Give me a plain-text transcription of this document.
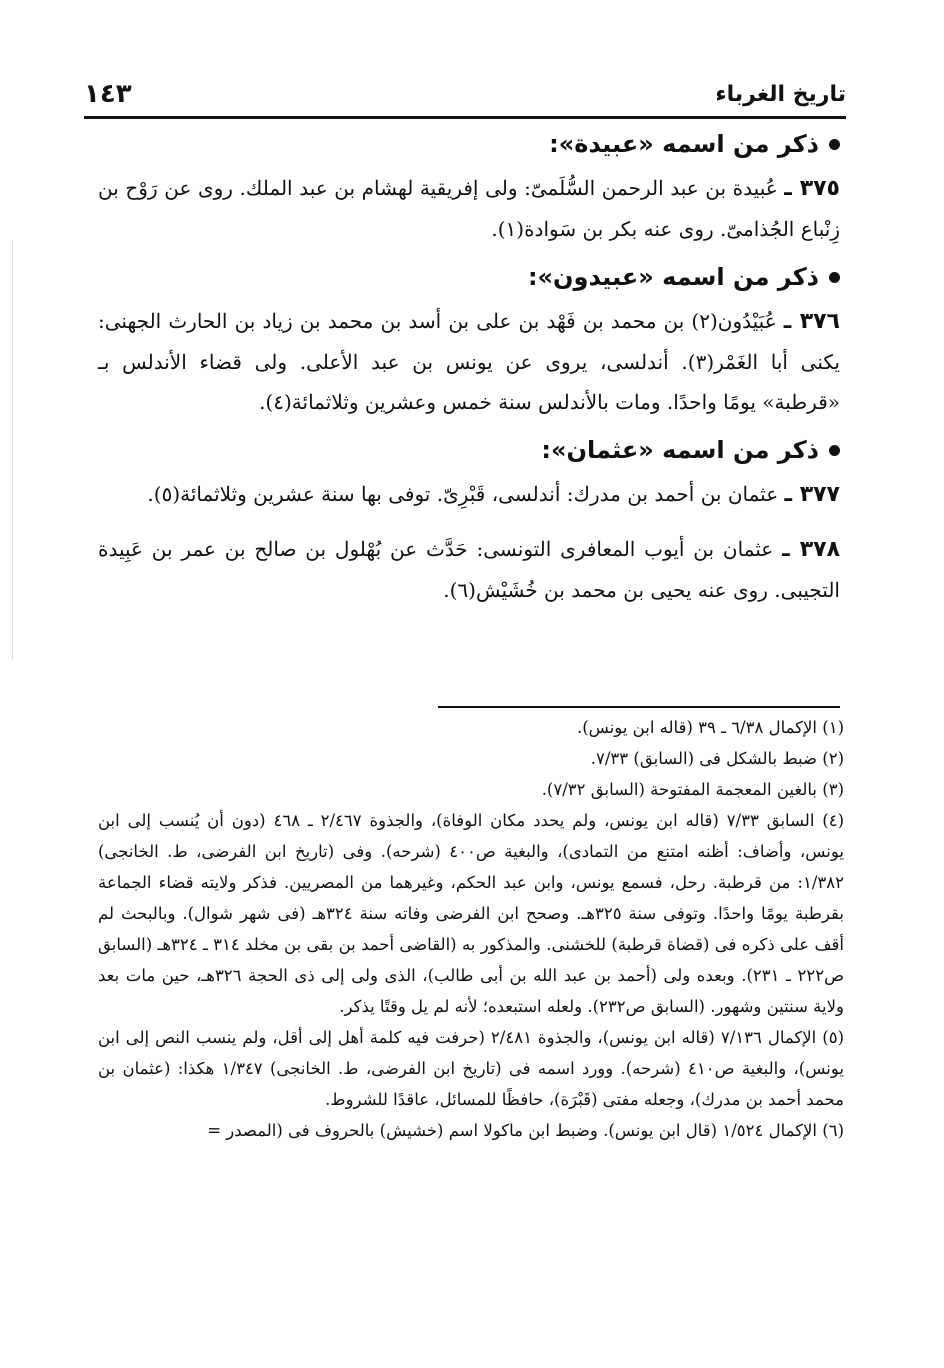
تاريخ الغرباء
١٤٣
ذكر من اسمه «عبيدة»:

٣٧٥ ـ عُبيدة بن عبد الرحمن السُّلَمىّ: ولى إفريقية لهشام بن عبد الملك. روى عن رَوْح بن زِنْباع الجُذامىّ. روى عنه بكر بن سَوادة(١).

ذكر من اسمه «عبيدون»:

٣٧٦ ـ عُبَيْدُون(٢) بن محمد بن فَهْد بن على بن أسد بن محمد بن زياد بن الحارث الجهنى: يكنى أبا الغَمْر(٣). أندلسى، يروى عن يونس بن عبد الأعلى. ولى قضاء الأندلس بـ «قرطبة» يومًا واحدًا. ومات بالأندلس سنة خمس وعشرين وثلاثمائة(٤).

ذكر من اسمه «عثمان»:

٣٧٧ ـ عثمان بن أحمد بن مدرك: أندلسى، قَبْرِىّ. توفى بها سنة عشرين وثلاثمائة(٥).

٣٧٨ ـ عثمان بن أيوب المعافرى التونسى: حَدَّث عن بُهْلول بن صالح بن عمر بن عَبِيدة التجيبى. روى عنه يحيى بن محمد بن خُشَيْش(٦).

(١) الإكمال ٦/٣٨ ـ ٣٩ (قاله ابن يونس).

(٢) ضبط بالشكل فى (السابق) ٧/٣٣.

(٣) بالغين المعجمة المفتوحة (السابق ٧/٣٢).

(٤) السابق ٧/٣٣ (قاله ابن يونس، ولم يحدد مكان الوفاة)، والجذوة ٢/٤٦٧ ـ ٤٦٨ (دون أن يُنسب إلى ابن يونس، وأضاف: أظنه امتنع من التمادى)، والبغية ص٤٠٠ (شرحه). وفى (تاريخ ابن الفرضى، ط. الخانجى) ١/٣٨٢: من قرطبة. رحل، فسمع يونس، وابن عبد الحكم، وغيرهما من المصريين. فذكر ولايته قضاء الجماعة بقرطبة يومًا واحدًا. وتوفى سنة ٣٢٥هـ. وصحح ابن الفرضى وفاته سنة ٣٢٤هـ (فى شهر شوال). وبالبحث لم أقف على ذكره فى (قضاة قرطبة) للخشنى. والمذكور به (القاضى أحمد بن بقى بن مخلد ٣١٤ ـ ٣٢٤هـ (السابق ص٢٢٢ ـ ٢٣١). وبعده ولى (أحمد بن عبد الله بن أبى طالب)، الذى ولى إلى ذى الحجة ٣٢٦هـ، حين مات بعد ولاية سنتين وشهور. (السابق ص٢٣٢). ولعله استبعده؛ لأنه لم يل وقتًا يذكر.

(٥) الإكمال ٧/١٣٦ (قاله ابن يونس)، والجذوة ٢/٤٨١ (حرفت فيه كلمة أهل إلى أقل، ولم ينسب النص إلى ابن يونس)، والبغية ص٤١٠ (شرحه). وورد اسمه فى (تاريخ ابن الفرضى، ط. الخانجى) ١/٣٤٧ هكذا: (عثمان بن محمد أحمد بن مدرك)، وجعله مفتى (قَبْرَة)، حافظًا للمسائل، عاقدًا للشروط.

(٦) الإكمال ١/٥٢٤ (قال ابن يونس). وضبط ابن ماكولا اسم (خشيش) بالحروف فى (المصدر =
